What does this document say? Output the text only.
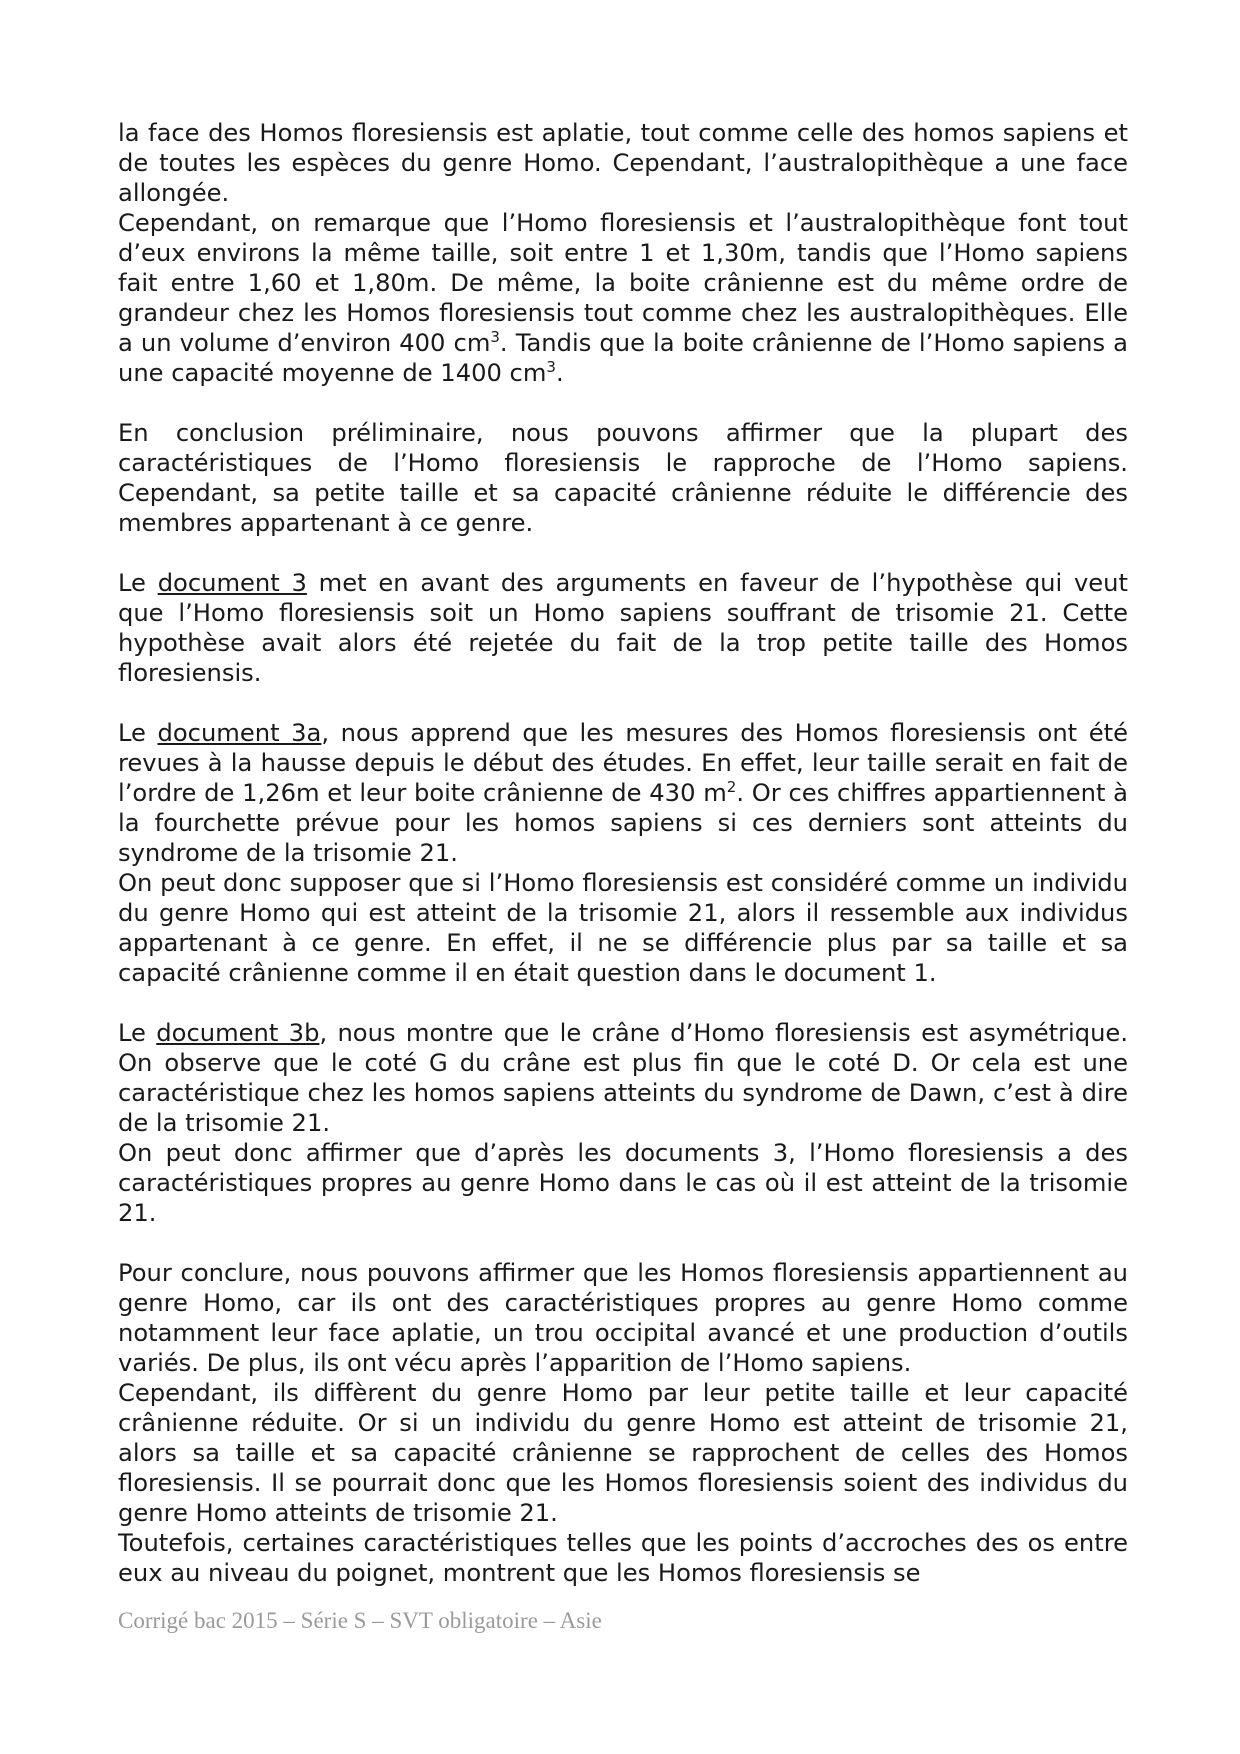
la face des Homos floresiensis est aplatie, tout comme celle des homos sapiens et de toutes les espèces du genre Homo. Cependant, l’australopithèque a une face allongée.

Cependant, on remarque que l’Homo floresiensis et l’australopithèque font tout d’eux environs la même taille, soit entre 1 et 1,30m, tandis que l’Homo sapiens fait entre 1,60 et 1,80m. De même, la boite crânienne est du même ordre de grandeur chez les Homos floresiensis tout comme chez les australopithèques. Elle a un volume d’environ 400 $cm^3$. Tandis que la boite crânienne de l’Homo sapiens a une capacité moyenne de 1400 $cm^3$.

En conclusion préliminaire, nous pouvons affirmer que la plupart des caractéristiques de l’Homo floresiensis le rapproche de l’Homo sapiens. Cependant, sa petite taille et sa capacité crânienne réduite le différencie des membres appartenant à ce genre.

Le document 3 met en avant des arguments en faveur de l’hypothèse qui veut que l’Homo floresiensis soit un Homo sapiens souffrant de trisomie 21. Cette hypothèse avait alors été rejetée du fait de la trop petite taille des Homos floresiensis.

Le document 3a, nous apprend que les mesures des Homos floresiensis ont été revues à la hausse depuis le début des études. En effet, leur taille serait en fait de l’ordre de 1,26m et leur boite crânienne de 430 $m^2$. Or ces chiffres appartiennent à la fourchette prévue pour les homos sapiens si ces derniers sont atteints du syndrome de la trisomie 21.

On peut donc supposer que si l’Homo floresiensis est considéré comme un individu du genre Homo qui est atteint de la trisomie 21, alors il ressemble aux individus appartenant à ce genre. En effet, il ne se différencie plus par sa taille et sa capacité crânienne comme il en était question dans le document 1.

Le document 3b, nous montre que le crâne d’Homo floresiensis est asymétrique. On observe que le coté G du crâne est plus fin que le coté D. Or cela est une caractéristique chez les homos sapiens atteints du syndrome de Dawn, c’est à dire de la trisomie 21.

On peut donc affirmer que d’après les documents 3, l’Homo floresiensis a des caractéristiques propres au genre Homo dans le cas où il est atteint de la trisomie 21.

Pour conclure, nous pouvons affirmer que les Homos floresiensis appartiennent au genre Homo, car ils ont des caractéristiques propres au genre Homo comme notamment leur face aplatie, un trou occipital avancé et une production d’outils variés. De plus, ils ont vécu après l’apparition de l’Homo sapiens.

Cependant, ils diffèrent du genre Homo par leur petite taille et leur capacité crânienne réduite. Or si un individu du genre Homo est atteint de trisomie 21, alors sa taille et sa capacité crânienne se rapprochent de celles des Homos floresiensis. Il se pourrait donc que les Homos floresiensis soient des individus du genre Homo atteints de trisomie 21.

Toutefois, certaines caractéristiques telles que les points d’accroches des os entre eux au niveau du poignet, montrent que les Homos floresiensis se

Corrigé bac 2015 – Série S – SVT obligatoire – Asie
